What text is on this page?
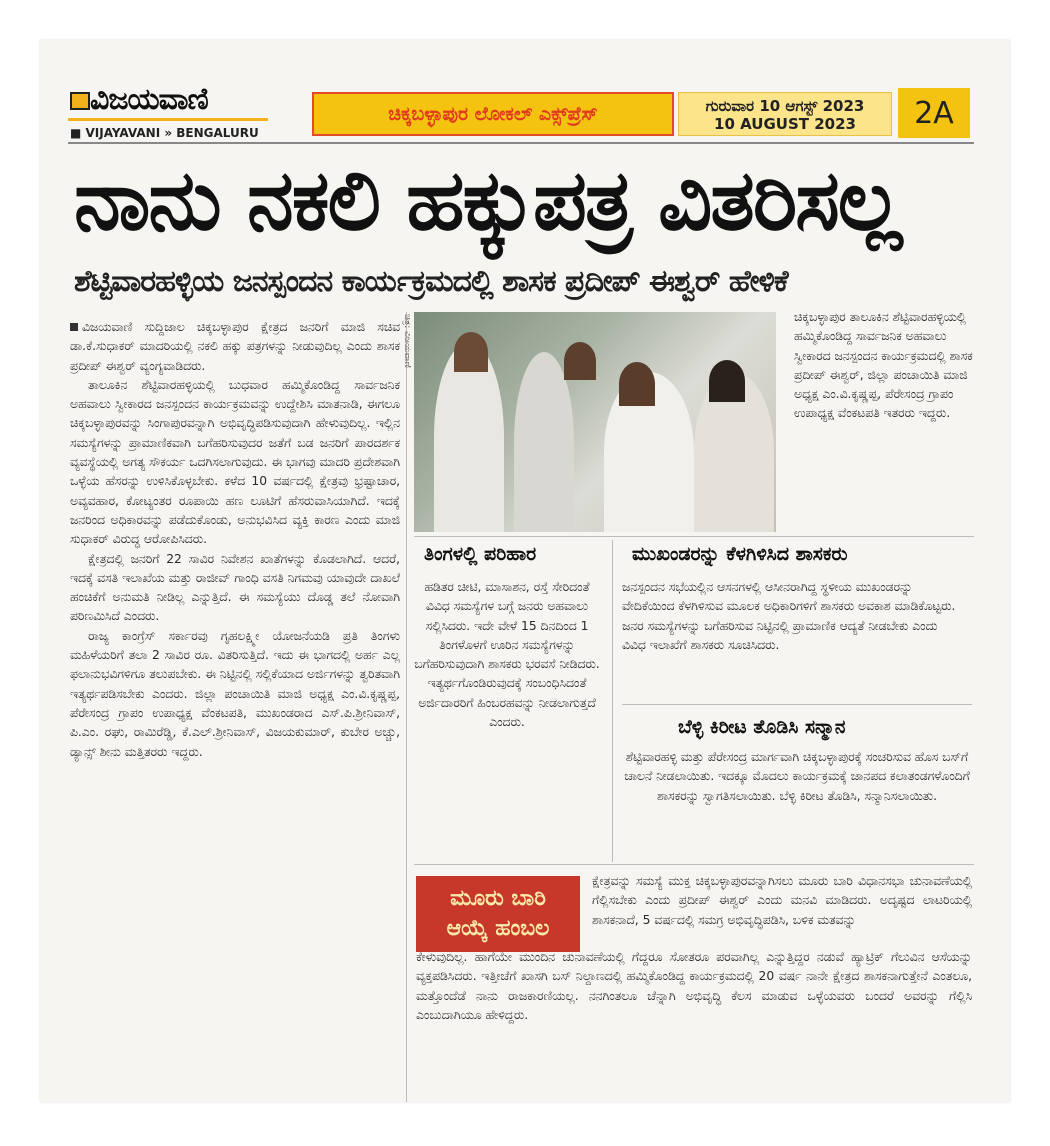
ವಿಜಯವಾಣಿ
■ VIJAYAVANI » BENGALURU
ಚಿಕ್ಕಬಳ್ಳಾಪುರ ಲೋಕಲ್ ಎಕ್ಸ್‌ಪ್ರೆಸ್	ಗುರುವಾರ 10 ಆಗಸ್ಟ್ 2023
10 AUGUST 2023	2A
ನಾನು ನಕಲಿ ಹಕ್ಕುಪತ್ರ ವಿತರಿಸಲ್ಲ
ಶೆಟ್ಟಿವಾರಹಳ್ಳಿಯ ಜನಸ್ಪಂದನ ಕಾರ್ಯಕ್ರಮದಲ್ಲಿ ಶಾಸಕ ಪ್ರದೀಪ್ ಈಶ್ವರ್ ಹೇಳಿಕೆ

ವಿಜಯವಾಣಿ ಸುದ್ದಿಜಾಲ ಚಿಕ್ಕಬಳ್ಳಾಪುರ ಕ್ಷೇತ್ರದ ಜನರಿಗೆ ಮಾಜಿ ಸಚಿವ ಡಾ.ಕೆ.ಸುಧಾಕರ್ ಮಾದರಿಯಲ್ಲಿ ನಕಲಿ ಹಕ್ಕು ಪತ್ರಗಳನ್ನು ನೀಡುವುದಿಲ್ಲ ಎಂದು ಶಾಸಕ ಪ್ರದೀಪ್ ಈಶ್ವರ್ ವ್ಯಂಗ್ಯವಾಡಿದರು.

ತಾಲೂಕಿನ ಶೆಟ್ಟಿವಾರಹಳ್ಳಿಯಲ್ಲಿ ಬುಧವಾರ ಹಮ್ಮಿಕೊಂಡಿದ್ದ ಸಾರ್ವಜನಿಕ ಅಹವಾಲು ಸ್ವೀಕಾರದ ಜನಸ್ಪಂದನ ಕಾರ್ಯಕ್ರಮವನ್ನು ಉದ್ದೇಶಿಸಿ ಮಾತನಾಡಿ, ಈಗಲೂ ಚಿಕ್ಕಬಳ್ಳಾಪುರವನ್ನು ಸಿಂಗಾಪುರವನ್ನಾಗಿ ಅಭಿವೃದ್ಧಿಪಡಿಸುವುದಾಗಿ ಹೇಳುವುದಿಲ್ಲ. ಇಲ್ಲಿನ ಸಮಸ್ಯೆಗಳನ್ನು ಪ್ರಾಮಾಣಿಕವಾಗಿ ಬಗೆಹರಿಸುವುದರ ಜತೆಗೆ ಬಡ ಜನರಿಗೆ ಪಾರದರ್ಶಕ ವ್ಯವಸ್ಥೆಯಲ್ಲಿ ಅಗತ್ಯ ಸೌಕರ್ಯ ಒದಗಿಸಲಾಗುವುದು. ಈ ಭಾಗವು ಮಾದರಿ ಪ್ರದೇಶವಾಗಿ ಒಳ್ಳೆಯ ಹೆಸರನ್ನು ಉಳಿಸಿಕೊಳ್ಳಬೇಕು. ಕಳೆದ 10 ವರ್ಷದಲ್ಲಿ ಕ್ಷೇತ್ರವು ಭ್ರಷ್ಟಾಚಾರ, ಅವ್ಯವಹಾರ, ಕೋಟ್ಯಂತರ ರೂಪಾಯಿ ಹಣ ಲೂಟಿಗೆ ಹೆಸರುವಾಸಿಯಾಗಿದೆ. ಇದಕ್ಕೆ ಜನರಿಂದ ಅಧಿಕಾರವನ್ನು ಪಡೆದುಕೊಂಡು, ಅನುಭವಿಸಿದ ವ್ಯಕ್ತಿ ಕಾರಣ ಎಂದು ಮಾಜಿ ಸುಧಾಕರ್ ವಿರುದ್ಧ ಆರೋಪಿಸಿದರು.

ಕ್ಷೇತ್ರದಲ್ಲಿ ಜನರಿಗೆ 22 ಸಾವಿರ ನಿವೇಶನ ಖಾತೆಗಳನ್ನು ಕೊಡಲಾಗಿದೆ. ಆದರೆ, ಇದಕ್ಕೆ ವಸತಿ ಇಲಾಖೆಯ ಮತ್ತು ರಾಜೀವ್ ಗಾಂಧಿ ವಸತಿ ನಿಗಮವು ಯಾವುದೇ ದಾಖಲೆ ಹಂಚಿಕೆಗೆ ಅನುಮತಿ ನೀಡಿಲ್ಲ ಎನ್ನುತ್ತಿದೆ. ಈ ಸಮಸ್ಯೆಯು ದೊಡ್ಡ ತಲೆ ನೋವಾಗಿ ಪರಿಣಮಿಸಿದೆ ಎಂದರು.

ರಾಜ್ಯ ಕಾಂಗ್ರೆಸ್ ಸರ್ಕಾರವು ಗೃಹಲಕ್ಷ್ಮೀ ಯೋಜನೆಯಡಿ ಪ್ರತಿ ತಿಂಗಳು ಮಹಿಳೆಯರಿಗೆ ತಲಾ 2 ಸಾವಿರ ರೂ. ವಿತರಿಸುತ್ತಿದೆ. ಇದು ಈ ಭಾಗದಲ್ಲಿ ಅರ್ಹ ಎಲ್ಲ ಫಲಾನುಭವಿಗಳಿಗೂ ತಲುಪಬೇಕು. ಈ ನಿಟ್ಟಿನಲ್ಲಿ ಸಲ್ಲಿಕೆಯಾದ ಅರ್ಜಿಗಳನ್ನು ತ್ವರಿತವಾಗಿ ಇತ್ಯರ್ಥಪಡಿಸಬೇಕು ಎಂದರು. ಜಿಲ್ಲಾ ಪಂಚಾಯಿತಿ ಮಾಜಿ ಅಧ್ಯಕ್ಷ ಎಂ.ವಿ.ಕೃಷ್ಣಪ್ಪ, ಪೆರೇಸಂದ್ರ ಗ್ರಾಪಂ ಉಪಾಧ್ಯಕ್ಷ ವೆಂಕಟಪತಿ, ಮುಖಂಡರಾದ ಎಸ್.ಪಿ.ಶ್ರೀನಿವಾಸ್, ಪಿ.ಎಂ. ರಘು, ರಾಮಿರೆಡ್ಡಿ, ಕೆ.ಎಲ್.ಶ್ರೀನಿವಾಸ್, ವಿಜಯಕುಮಾರ್, ಕುಬೇರ ಅಚ್ಚು, ಡ್ಯಾನ್ಸ್ ಶೀನು ಮತ್ತಿತರರು ಇದ್ದರು.

ಚಿತ್ರ: ವಿಜಯವಾಣಿ	ಚಿಕ್ಕಬಳ್ಳಾಪುರ ತಾಲೂಕಿನ ಶೆಟ್ಟಿವಾರಹಳ್ಳಿಯಲ್ಲಿ ಹಮ್ಮಿಕೊಂಡಿದ್ದ ಸಾರ್ವಜನಿಕ ಅಹವಾಲು ಸ್ವೀಕಾರದ ಜನಸ್ಪಂದನ ಕಾರ್ಯಕ್ರಮದಲ್ಲಿ ಶಾಸಕ ಪ್ರದೀಪ್ ಈಶ್ವರ್, ಜಿಲ್ಲಾ ಪಂಚಾಯಿತಿ ಮಾಜಿ ಅಧ್ಯಕ್ಷ ಎಂ.ವಿ.ಕೃಷ್ಣಪ್ಪ, ಪೆರೇಸಂದ್ರ ಗ್ರಾಪಂ ಉಪಾಧ್ಯಕ್ಷ ವೆಂಕಟಪತಿ ಇತರರು ಇದ್ದರು.
ತಿಂಗಳಲ್ಲಿ ಪರಿಹಾರ
ಹಡಿತರ ಚೀಟಿ, ಮಾಸಾಶನ, ರಸ್ತೆ ಸೇರಿದಂತೆ ವಿವಿಧ ಸಮಸ್ಯೆಗಳ ಬಗ್ಗೆ ಜನರು ಅಹವಾಲು ಸಲ್ಲಿಸಿದರು. ಇದೇ ವೇಳೆ 15 ದಿನದಿಂದ 1 ತಿಂಗಳೊಳಗೆ ಊರಿನ ಸಮಸ್ಯೆಗಳನ್ನು ಬಗೆಹರಿಸುವುದಾಗಿ ಶಾಸಕರು ಭರವಸೆ ನೀಡಿದರು. ಇತ್ಯರ್ಥಗೊಂಡಿರುವುದಕ್ಕೆ ಸಂಬಂಧಿಸಿದಂತೆ ಅರ್ಜಿದಾರರಿಗೆ ಹಿಂಬರಹವನ್ನು ನೀಡಲಾಗುತ್ತದೆ ಎಂದರು.
ಮುಖಂಡರನ್ನು ಕೆಳಗಿಳಿಸಿದ ಶಾಸಕರು
ಜನಸ್ಪಂದನ ಸಭೆಯಲ್ಲಿನ ಆಸನಗಳಲ್ಲಿ ಆಸೀನರಾಗಿದ್ದ ಸ್ಥಳೀಯ ಮುಖಂಡರನ್ನು ವೇದಿಕೆಯಿಂದ ಕೆಳಗಿಳಿಸುವ ಮೂಲಕ ಅಧಿಕಾರಿಗಳಿಗೆ ಶಾಸಕರು ಅವಕಾಶ ಮಾಡಿಕೊಟ್ಟರು. ಜನರ ಸಮಸ್ಯೆಗಳನ್ನು ಬಗೆಹರಿಸುವ ನಿಟ್ಟಿನಲ್ಲಿ ಪ್ರಾಮಾಣಿಕ ಆದ್ಯತೆ ನೀಡಬೇಕು ಎಂದು ವಿವಿಧ ಇಲಾಖೆಗೆ ಶಾಸಕರು ಸೂಚಿಸಿದರು.
ಬೆಳ್ಳಿ ಕಿರೀಟ ತೊಡಿಸಿ ಸನ್ಮಾನ
ಶೆಟ್ಟಿವಾರಹಳ್ಳಿ ಮತ್ತು ಪೆರೇಸಂದ್ರ ಮಾರ್ಗವಾಗಿ ಚಿಕ್ಕಬಳ್ಳಾಪುರಕ್ಕೆ ಸಂಚರಿಸುವ ಹೊಸ ಬಸ್‌ಗೆ ಚಾಲನೆ ನೀಡಲಾಯಿತು. ಇದಕ್ಕೂ ಮೊದಲು ಕಾರ್ಯಕ್ರಮಕ್ಕೆ ಜಾನಪದ ಕಲಾತಂಡಗಳೊಂದಿಗೆ ಶಾಸಕರನ್ನು ಸ್ವಾಗತಿಸಲಾಯಿತು. ಬೆಳ್ಳಿ ಕಿರೀಟ ತೊಡಿಸಿ, ಸನ್ಮಾನಿಸಲಾಯಿತು.
ಮೂರು ಬಾರಿ
ಆಯ್ಕೆ ಹಂಬಲ
ಕ್ಷೇತ್ರವನ್ನು ಸಮಸ್ಯೆ ಮುಕ್ತ ಚಿಕ್ಕಬಳ್ಳಾಪುರವನ್ನಾಗಿಸಲು ಮೂರು ಬಾರಿ ವಿಧಾನಸಭಾ ಚುನಾವಣೆಯಲ್ಲಿ ಗೆಲ್ಲಿಸಬೇಕು ಎಂದು ಪ್ರದೀಪ್ ಈಶ್ವರ್ ಎಂದು ಮನವಿ ಮಾಡಿದರು. ಅದೃಷ್ಟದ ಲಾಟರಿಯಲ್ಲಿ ಶಾಸಕನಾದೆ, 5 ವರ್ಷದಲ್ಲಿ ಸಮಗ್ರ ಅಭಿವೃದ್ಧಿಪಡಿಸಿ, ಬಳಿಕ ಮತವನ್ನು
ಕೇಳುವುದಿಲ್ಲ. ಹಾಗೆಯೇ ಮುಂದಿನ ಚುನಾವಣೆಯಲ್ಲಿ ಗೆದ್ದರೂ ಸೋತರೂ ಪರವಾಗಿಲ್ಲ ಎನ್ನುತ್ತಿದ್ದರ ನಡುವೆ ಹ್ಯಾಟ್ರಿಕ್ ಗೆಲುವಿನ ಆಸೆಯನ್ನು ವ್ಯಕ್ತಪಡಿಸಿದರು. ಇತ್ತೀಚೆಗೆ ಖಾಸಗಿ ಬಸ್ ನಿಲ್ದಾಣದಲ್ಲಿ ಹಮ್ಮಿಕೊಂಡಿದ್ದ ಕಾರ್ಯಕ್ರಮದಲ್ಲಿ 20 ವರ್ಷ ನಾನೇ ಕ್ಷೇತ್ರದ ಶಾಸಕನಾಗುತ್ತೇನೆ ಎಂತಲೂ, ಮತ್ತೊಂದೆಡೆ ನಾನು ರಾಜಕಾರಣಿಯಲ್ಲ. ನನಗಿಂತಲೂ ಚೆನ್ನಾಗಿ ಅಭಿವೃದ್ಧಿ ಕೆಲಸ ಮಾಡುವ ಒಳ್ಳೆಯವರು ಬಂದರೆ ಅವರನ್ನು ಗೆಲ್ಲಿಸಿ ಎಂಬುದಾಗಿಯೂ ಹೇಳಿದ್ದರು.
